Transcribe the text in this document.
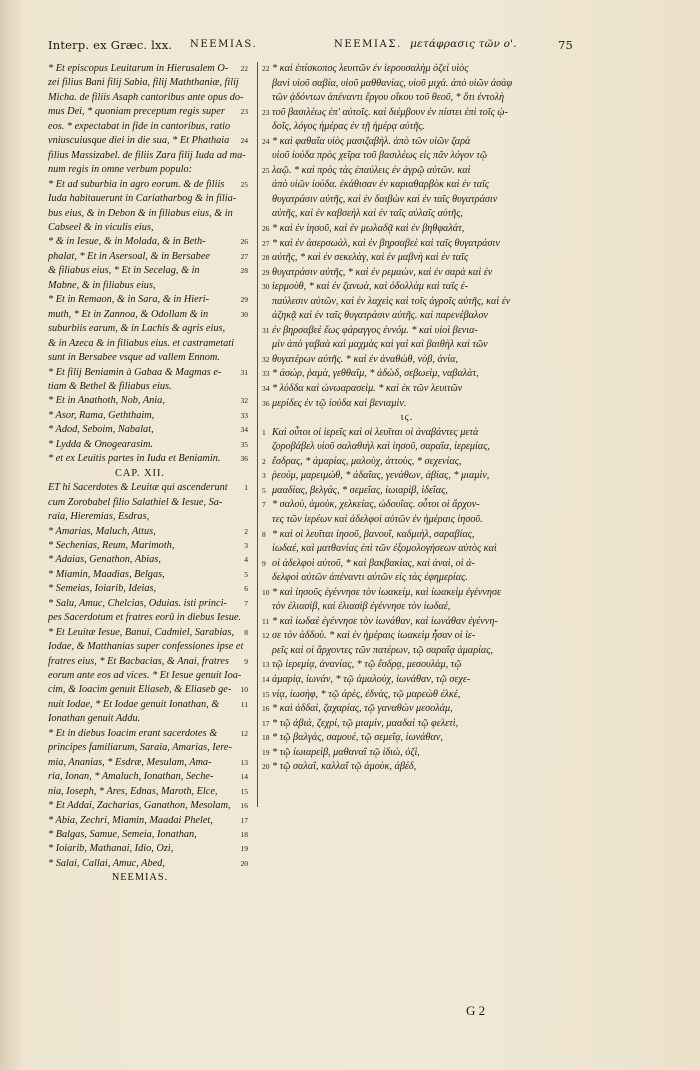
Interp. ex Græc. lxx. NEEMIAS.	ΝΕΕΜΙΑΣ. μετάφρασις τῶν ο'.	75
22
* Et episcopus Leuitarum in Hierusalem O-
zei filius Bani filij Sabia, filij Maththaniæ, filij
Micha. de filiis Asaph cantoribus ante opus do-
23
mus Dei, * quoniam preceptum regis super
eos. * expectabat in fide in cantoribus, ratio
24
vniuscuiusque diei in die sua, * Et Phathaia
filius Massizabel. de filiis Zara filij Iuda ad ma-
num regis in omne verbum populo:
25
* Et ad suburbia in agro eorum. & de filiis
Iuda habitauerunt in Cariatharbog & in filia-
bus eius, & in Debon & in filiabus eius, & in
Cabseel & in viculis eius,
26
* & in Iesue, & in Molada, & in Beth-
27
phalat, * Et in Asersoal, & in Bersabee
28
& filiabus eius, * Et in Secelag, & in
Mabne, & in filiabus eius,
29
* Et in Remaon, & in Sara, & in Hieri-
30
muth, * Et in Zannoa, & Odollam & in
suburbiis earum, & in Lachis & agris eius,
& in Azeca & in filiabus eius. et castrametati
sunt in Bersabee vsque ad vallem Ennom.
31
* Et filij Beniamin à Gabaa & Magmas e-
tiam & Bethel & filiabus eius.
32
* Et in Anathoth, Nob, Ania,
33
* Asor, Rama, Geththaim,
34
* Adod, Seboim, Nabalat,
35
* Lydda & Onogearasim.
36
* et ex Leuitis partes in Iuda et Beniamin.
CAP. XII.
1
ET hi Sacerdotes & Leuitæ qui ascenderunt
cum Zorobabel filio Salathiel & Iesue, Sa-
raia, Hieremias, Esdras,
2
* Amarias, Maluch, Attus,
3
* Sechenias, Reum, Marimoth,
4
* Adaias, Genathon, Abias,
5
* Miamin, Maadias, Belgas,
6
* Semeias, Ioiarib, Ideias,
7
* Salu, Amuc, Chelcias, Oduias. isti princi-
pes Sacerdotum et fratres eorū in diebus Iesue.
8
* Et Leuitæ Iesue, Banui, Cadmiel, Sarabias,
Iodae, & Matthanias super confessiones ipse et
9
fratres eius, * Et Bacbacias, & Anai, fratres
eorum ante eos ad vices. * Et Iesue genuit Ioa-
10
cim, & Ioacim genuit Eliaseb, & Eliaseb ge-
11
nuit Iodae, * Et Iodae genuit Ionathan, &
Ionathan genuit Addu.
12
* Et in diebus Ioacim erant sacerdotes &
principes familiarum, Saraia, Amarias, Iere-
13
mia, Ananias, * Esdræ, Mesulam, Ama-
14
ria, Ionan, * Amaluch, Ionathan, Seche-
15
nia, Ioseph, * Ares, Ednas, Maroth, Elce,
16
* Et Addai, Zacharias, Ganathon, Mesolam,
17
* Abia, Zechri, Miamin, Maadai Phelet,
18
* Balgas, Samue, Semeia, Ionathan,
19
* Ioiarib, Mathanai, Idio, Ozi,
20
* Salai, Callai, Amuc, Abed,
NEEMIAS.
22 * καὶ ἐπίσκοπος λευιτῶν ἐν ἱερουσαλὴμ ὀζεὶ υἱὸς
βανὶ υἱοῦ σαβία, υἱοῦ μαθθανίας, υἱοῦ μιχά. ἀπὸ υἱῶν ἀσὰφ
τῶν ᾀδόντων ἀπέναντι ἔργου οἴκου τοῦ θεοῦ, * ὅτι ἐντολὴ
23 τοῦ βασιλέως ἐπ' αὐτοῖς. καὶ διέμβουν ἐν πίστει ἐπὶ τοῖς ᾠ-
δοῖς, λόγος ἡμέρας ἐν τῇ ἡμέρᾳ αὐτῆς.
24 * καὶ φαθαΐα υἱὸς μασιζαβὴλ. ἀπὸ τῶν υἱῶν ζαρὰ
υἱοῦ ἰούδα πρὸς χεῖρα τοῦ βασιλέως εἰς πᾶν λόγον τῷ
25 λαῷ. * καὶ πρὸς τὰς ἐπαύλεις ἐν ἀγρῷ αὐτῶν. καὶ
ἀπὸ υἱῶν ἰούδα. ἐκάθισαν ἐν καριαθαρβὸκ καὶ ἐν ταῖς
θυγατράσιν αὐτῆς, καὶ ἐν δαιβὼν καὶ ἐν ταῖς θυγατράσιν
αὐτῆς, καὶ ἐν καβσεὴλ καὶ ἐν ταῖς αὐλαῖς αὐτῆς,
26 * καὶ ἐν ἰησοῦ, καὶ ἐν μωλαδᾷ καὶ ἐν βηθφαλάτ,
27 * καὶ ἐν ἀσερσωὰλ, καὶ ἐν βηρσαβεὲ καὶ ταῖς θυγατράσιν
28 αὐτῆς, * καὶ ἐν σεκελὰγ, καὶ ἐν μαβνὴ καὶ ἐν ταῖς
29 θυγατράσιν αὐτῆς, * καὶ ἐν ρεμαὼν, καὶ ἐν σαρὰ καὶ ἐν
30 ἱερμοὺθ, * καὶ ἐν ζανωὰ, καὶ ὀδολλὰμ καὶ ταῖς ἐ-
παύλεσιν αὐτῶν, καὶ ἐν λαχεὶς καὶ τοῖς ἀγροῖς αὐτῆς, καὶ ἐν
ἀζηκᾷ καὶ ἐν ταῖς θυγατράσιν αὐτῆς. καὶ παρενέβαλον
31 ἐν βηρσαβεὲ ἕως φάραγγος ἐννόμ. * καὶ υἱοὶ βενια-
μὶν ἀπὸ γαβαὰ καὶ μαχμὰς καὶ γαὶ καὶ βαιθὴλ καὶ τῶν
32 θυγατέρων αὐτῆς. * καὶ ἐν ἀναθὼθ, νὸβ, ἀνία,
33 * ἀσώρ, ῥαμὰ, γεθθαΐμ, * ἀδὼδ, σεβωεὶμ, ναβαλὰτ,
34 * λύδδα καὶ ὠνωαρασεὶμ. * καὶ ἐκ τῶν λευιτῶν
36 μερίδες ἐν τῷ ἰούδα καὶ βενιαμὶν.
ιϛ.
1 Καὶ οὗτοι οἱ ἱερεῖς καὶ οἱ λευῖται οἱ ἀναβάντες μετὰ
ζοροβάβελ υἱοῦ σαλαθιὴλ καὶ ἰησοῦ, σαραΐα, ἱερεμίας,
2 ἔσδρας, * ἀμαρίας, μαλοὺχ, ἀττοὺς, * σεχενίας,
3 ῥεούμ, μαρειμώθ, * ἀδαΐας, γενάθων, ἀβίας, * μιαμὶν,
5 μααδίας, βελγάς, * σεμεΐας, ἰωιαρὶβ, ἰδεΐας,
7 * σαλοὺ, ἀμοὺκ, χελκείας, ὠδουΐας. οὗτοι οἱ ἄρχον-
τες τῶν ἱερέων καὶ ἀδελφοὶ αὐτῶν ἐν ἡμέραις ἰησοῦ.
8 * καὶ οἱ λευῖται ἰησοῦ, βανουΐ, καδμιὴλ, σαραβίας,
ἰωδαέ, καὶ ματθανίας ἐπὶ τῶν ἐξομολογήσεων αὐτὸς καὶ
9 οἱ ἀδελφοὶ αὐτοῦ, * καὶ βακβακίας, καὶ ἀναὶ, οἱ ἀ-
δελφοὶ αὐτῶν ἀπέναντι αὐτῶν εἰς τὰς ἐφημερίας.
10 * καὶ ἰησοῦς ἐγέννησε τὸν ἰωακείμ, καὶ ἰωακεὶμ ἐγέννησε
τὸν ἐλιασὶβ, καὶ ἐλιασὶβ ἐγέννησε τὸν ἰωδαέ,
11 * καὶ ἰωδαὲ ἐγέννησε τὸν ἰωνάθαν, καὶ ἰωνάθαν ἐγέννη-
12 σε τὸν ἀδδοὺ. * καὶ ἐν ἡμέραις ἰωακεὶμ ἦσαν οἱ ἱε-
ρεῖς καὶ οἱ ἄρχοντες τῶν πατέρων, τῷ σαραΐᾳ ἀμαρίας,
13 τῷ ἱερεμίᾳ, ἀνανίας, * τῷ ἔσδρᾳ, μεσουλὰμ, τῷ
14 ἀμαρίᾳ, ἰωνάν, * τῷ ἀμαλοὺχ, ἰωνάθαν, τῷ σεχε-
15 νίᾳ, ἰωσὴφ, * τῷ ἀρὲς, ἐδνὰς, τῷ μαρεὼθ ἐλκέ,
16 * καὶ ἀδδαὶ, ζαχαρίας, τῷ γαναθὼν μεσολάμ,
17 * τῷ ἀβιά, ζεχρί, τῷ μιαμίν, μααδαὶ τῷ φελετὶ,
18 * τῷ βαλγάς, σαμουέ, τῷ σεμεΐᾳ, ἰωνάθαν,
19 * τῷ ἰωιαρεὶβ, μαθαναΐ τῷ ἰδιὼ, ὀζὶ,
20 * τῷ σαλαΐ, καλλαΐ τῷ ἀμοὺκ, ἀβέδ,
G 2
